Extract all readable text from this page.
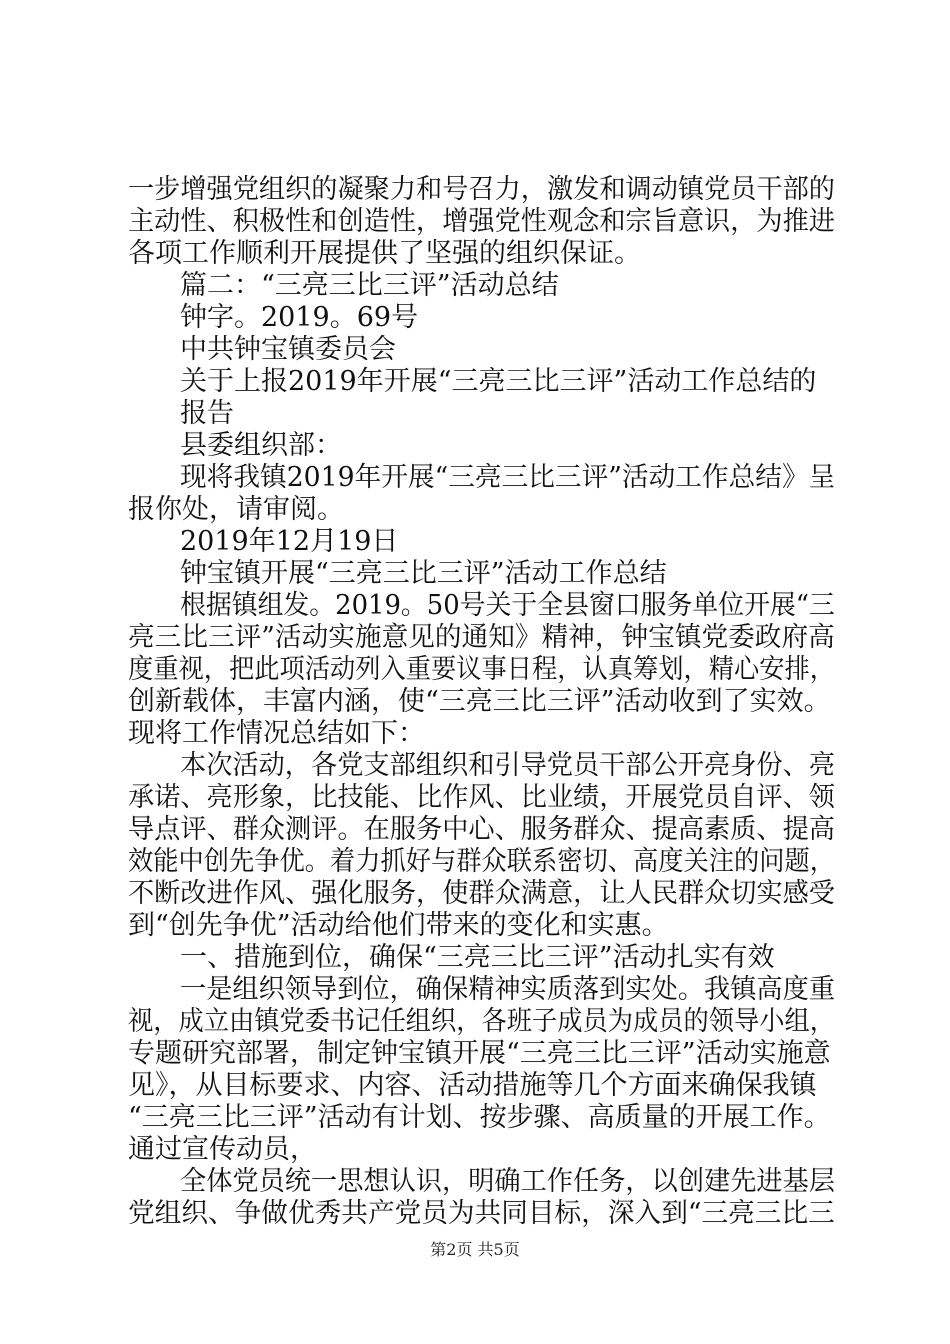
一步增强党组织的凝聚力和号召力，激发和调动镇党员干部的
主动性、积极性和创造性，增强党性观念和宗旨意识，为推进
各项工作顺利开展提供了坚强的组织保证。
篇二：“三亮三比三评”活动总结
钟字。2019。69号
中共钟宝镇委员会
关于上报2019年开展“三亮三比三评”活动工作总结的
报告
县委组织部：
现将我镇2019年开展“三亮三比三评”活动工作总结》呈
报你处，请审阅。
2019年12月19日
钟宝镇开展“三亮三比三评”活动工作总结
根据镇组发。2019。50号关于全县窗口服务单位开展“三
亮三比三评”活动实施意见的通知》精神，钟宝镇党委政府高
度重视，把此项活动列入重要议事日程，认真筹划，精心安排，
创新载体，丰富内涵，使“三亮三比三评”活动收到了实效。
现将工作情况总结如下：
本次活动，各党支部组织和引导党员干部公开亮身份、亮
承诺、亮形象，比技能、比作风、比业绩，开展党员自评、领
导点评、群众测评。在服务中心、服务群众、提高素质、提高
效能中创先争优。着力抓好与群众联系密切、高度关注的问题，
不断改进作风、强化服务，使群众满意，让人民群众切实感受
到“创先争优”活动给他们带来的变化和实惠。
一、措施到位，确保“三亮三比三评”活动扎实有效
一是组织领导到位，确保精神实质落到实处。我镇高度重
视，成立由镇党委书记任组织，各班子成员为成员的领导小组，
专题研究部署，制定钟宝镇开展“三亮三比三评”活动实施意
见》，从目标要求、内容、活动措施等几个方面来确保我镇
“三亮三比三评”活动有计划、按步骤、高质量的开展工作。
通过宣传动员，
全体党员统一思想认识，明确工作任务，以创建先进基层
党组织、争做优秀共产党员为共同目标，深入到“三亮三比三
第2页 共5页
